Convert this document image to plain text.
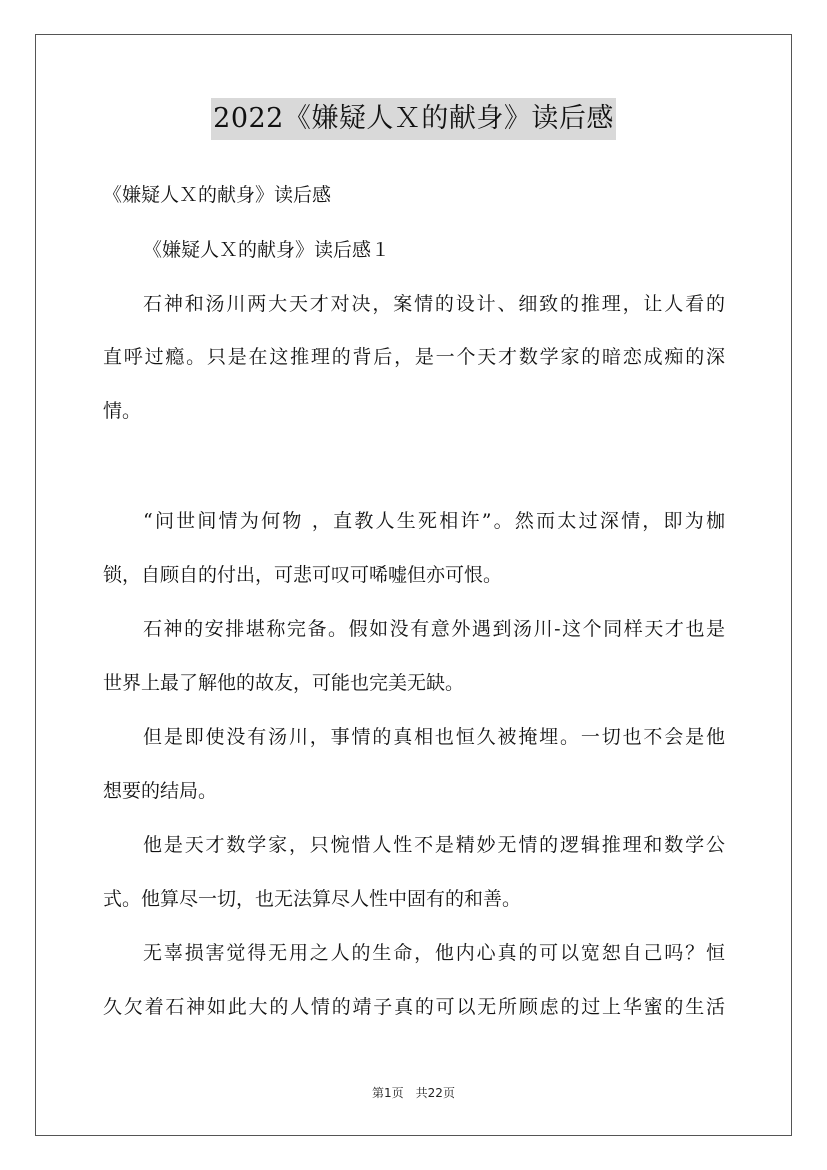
2022《嫌疑人Ｘ的献身》读后感
《嫌疑人Ｘ的献身》读后感
《嫌疑人Ｘ的献身》读后感１
石神和汤川两大天才对决，案情的设计、细致的推理，让人看的
直呼过瘾。只是在这推理的背后，是一个天才数学家的暗恋成痴的深
情。
“问世间情为何物 ，直教人生死相许”。然而太过深情，即为枷
锁，自顾自的付出，可悲可叹可唏嘘但亦可恨。
石神的安排堪称完备。假如没有意外遇到汤川-这个同样天才也是
世界上最了解他的故友，可能也完美无缺。
但是即使没有汤川，事情的真相也恒久被掩埋。一切也不会是他
想要的结局。
他是天才数学家，只惋惜人性不是精妙无情的逻辑推理和数学公
式。他算尽一切，也无法算尽人性中固有的和善。
无辜损害觉得无用之人的生命，他内心真的可以宽恕自己吗？恒
久欠着石神如此大的人情的靖子真的可以无所顾虑的过上华蜜的生活
第1页 共22页
